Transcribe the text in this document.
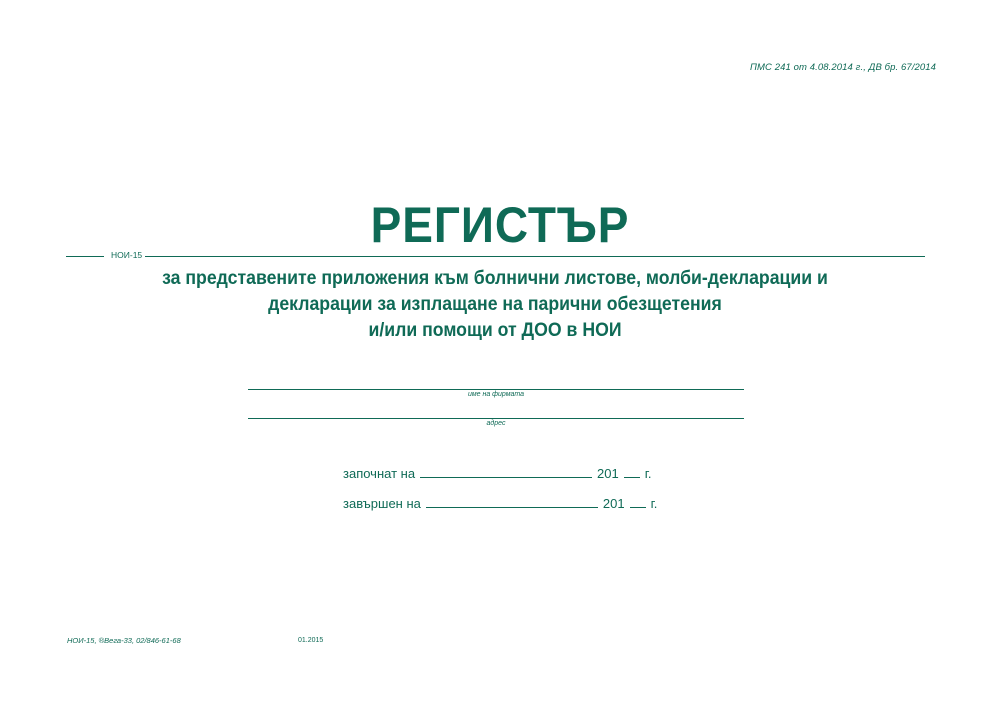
ПМС 241 от 4.08.2014 г., ДВ бр. 67/2014
РЕГИСТЪР
НОИ-15
за представените приложения към болнични листове, молби-декларации и
декларации за изплащане на парични обезщетения
и/или помощи от ДОО в НОИ
име на фирмата
адрес
започнат на	201 г.
завършен на	201 г.
НОИ-15, ®Вега-33, 02/846-61-68	01.2015
